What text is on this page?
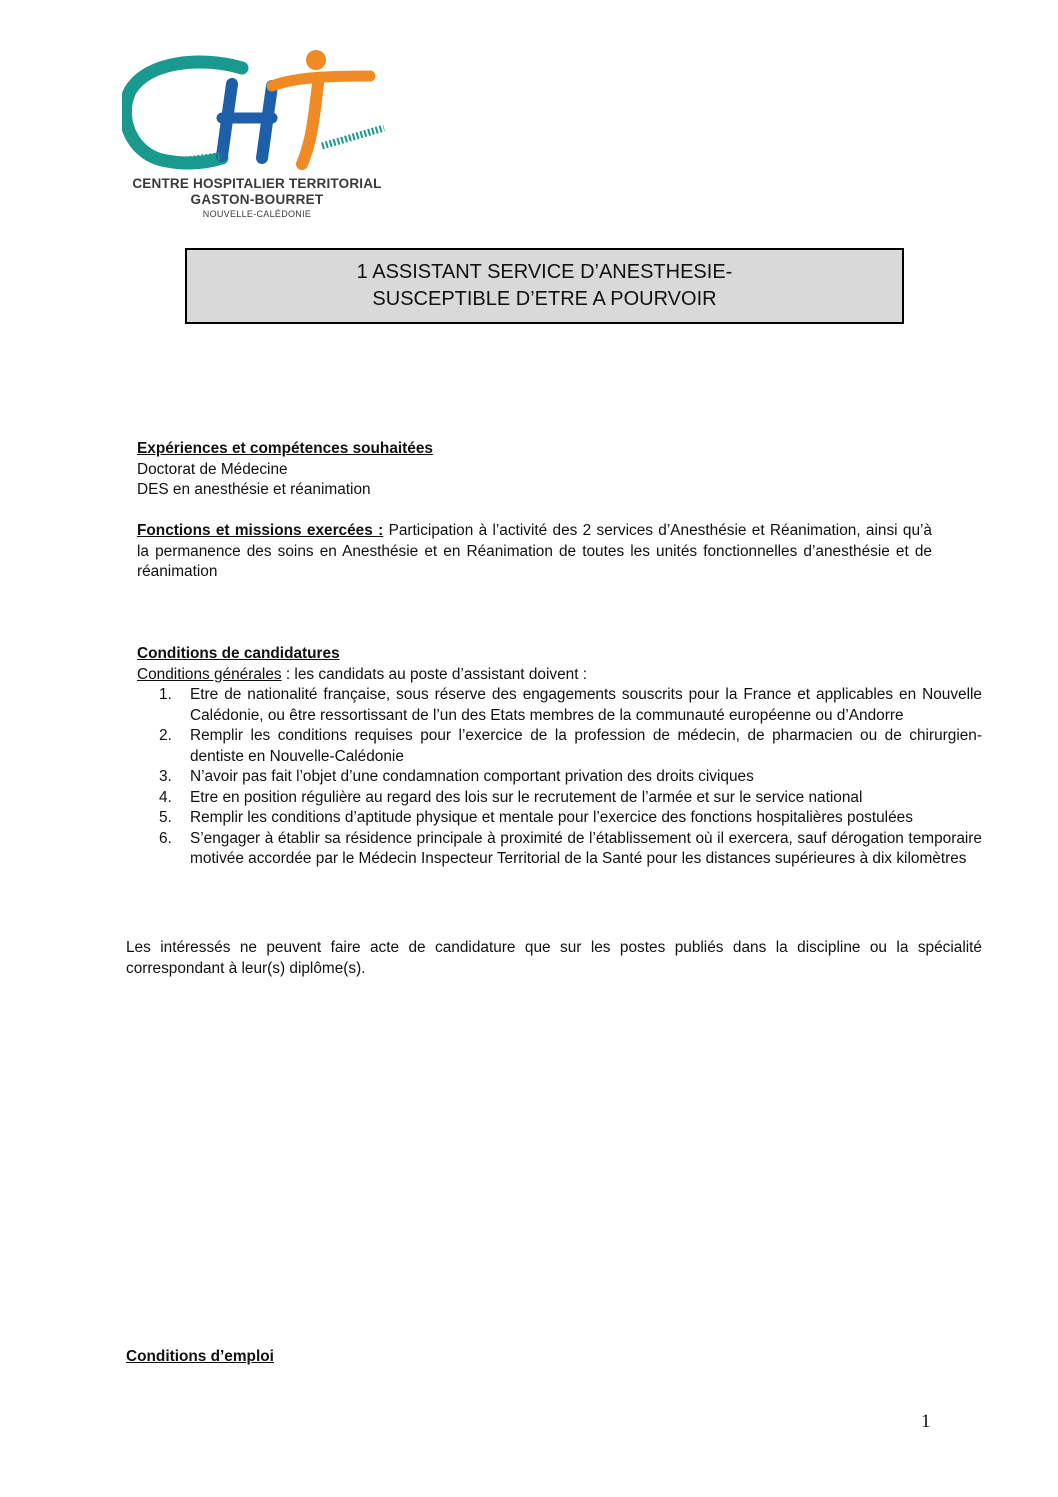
CENTRE HOSPITALIER TERRITORIAL
GASTON-BOURRET
NOUVELLE-CALÉDONIE
1 ASSISTANT SERVICE D’ANESTHESIE-
SUSCEPTIBLE D’ETRE A POURVOIR
Expériences et compétences souhaitées
Doctorat de Médecine
DES en anesthésie et réanimation
Fonctions et missions exercées : Participation à l’activité des 2 services d’Anesthésie et Réanimation, ainsi qu’à la permanence des soins en Anesthésie et en Réanimation de toutes les unités fonctionnelles d’anesthésie et de réanimation
Conditions de candidatures
Conditions générales : les candidats au poste d’assistant doivent :
1. Etre de nationalité française, sous réserve des engagements souscrits pour la France et applicables en Nouvelle Calédonie, ou être ressortissant de l’un des Etats membres de la communauté européenne ou d’Andorre
2. Remplir les conditions requises pour l’exercice de la profession de médecin, de pharmacien ou de chirurgien-dentiste en Nouvelle-Calédonie
3. N’avoir pas fait l’objet d’une condamnation comportant privation des droits civiques
4. Etre en position régulière au regard des lois sur le recrutement de l’armée et sur le service national
5. Remplir les conditions d’aptitude physique et mentale pour l’exercice des fonctions hospitalières postulées
6. S’engager à établir sa résidence principale à proximité de l’établissement où il exercera, sauf dérogation temporaire motivée accordée par le Médecin Inspecteur Territorial de la Santé pour les distances supérieures à dix kilomètres
Les intéressés ne peuvent faire acte de candidature que sur les postes publiés dans la discipline ou la spécialité correspondant à leur(s) diplôme(s).
Conditions d’emploi
1
